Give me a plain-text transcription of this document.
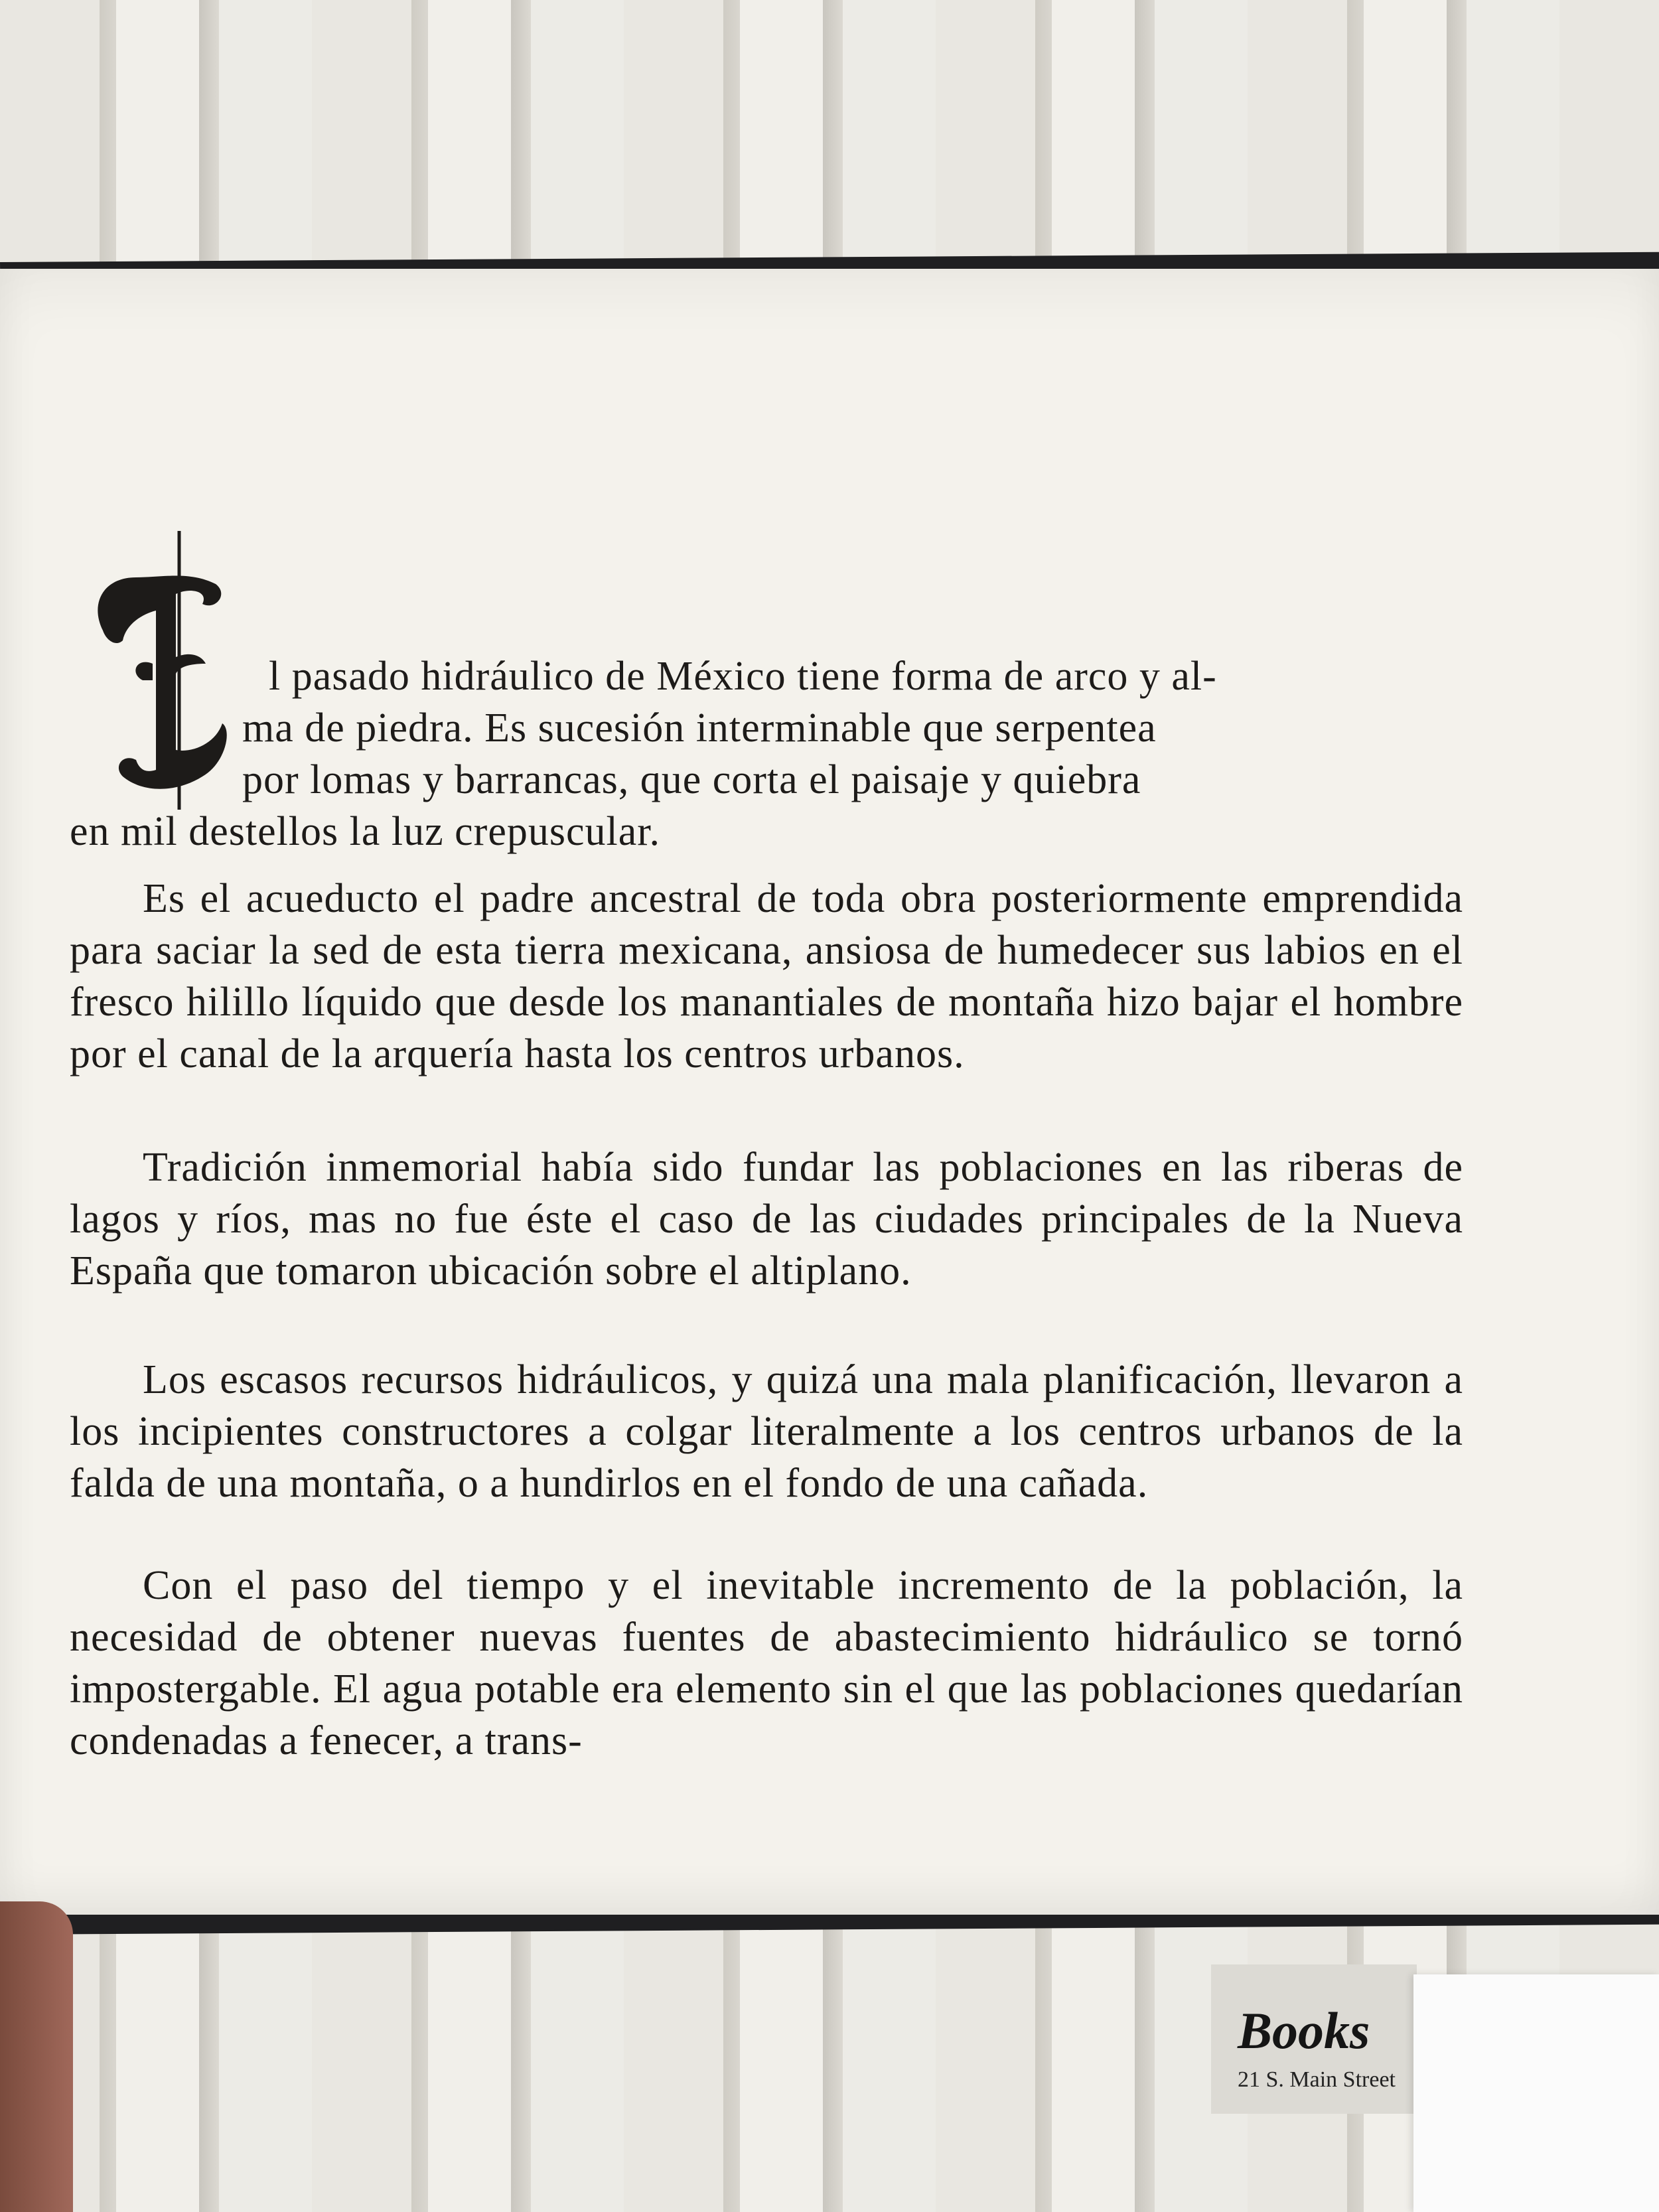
E

l pasado hidráulico de México tiene forma de arco y al-
ma de piedra. Es sucesión interminable que serpentea
por lomas y barrancas, que corta el paisaje y quiebra
en mil destellos la luz crepuscular.

Es el acueducto el padre ancestral de toda obra posteriormente emprendida para saciar la sed de esta tierra mexicana, ansiosa de humedecer sus labios en el fresco hilillo líquido que desde los manantiales de montaña hizo bajar el hombre por el canal de la arquería hasta los centros urbanos.

Tradición inmemorial había sido fundar las poblaciones en las riberas de lagos y ríos, mas no fue éste el caso de las ciudades principales de la Nueva España que tomaron ubicación sobre el altiplano.

Los escasos recursos hidráulicos, y quizá una mala planificación, llevaron a los incipientes constructores a colgar literalmente a los centros urbanos de la falda de una montaña, o a hundirlos en el fondo de una cañada.

Con el paso del tiempo y el inevitable incremento de la población, la necesidad de obtener nuevas fuentes de abastecimiento hidráulico se tornó impostergable. El agua potable era elemento sin el que las poblaciones quedarían condenadas a fenecer, a trans-

Books
21 S. Main Street
